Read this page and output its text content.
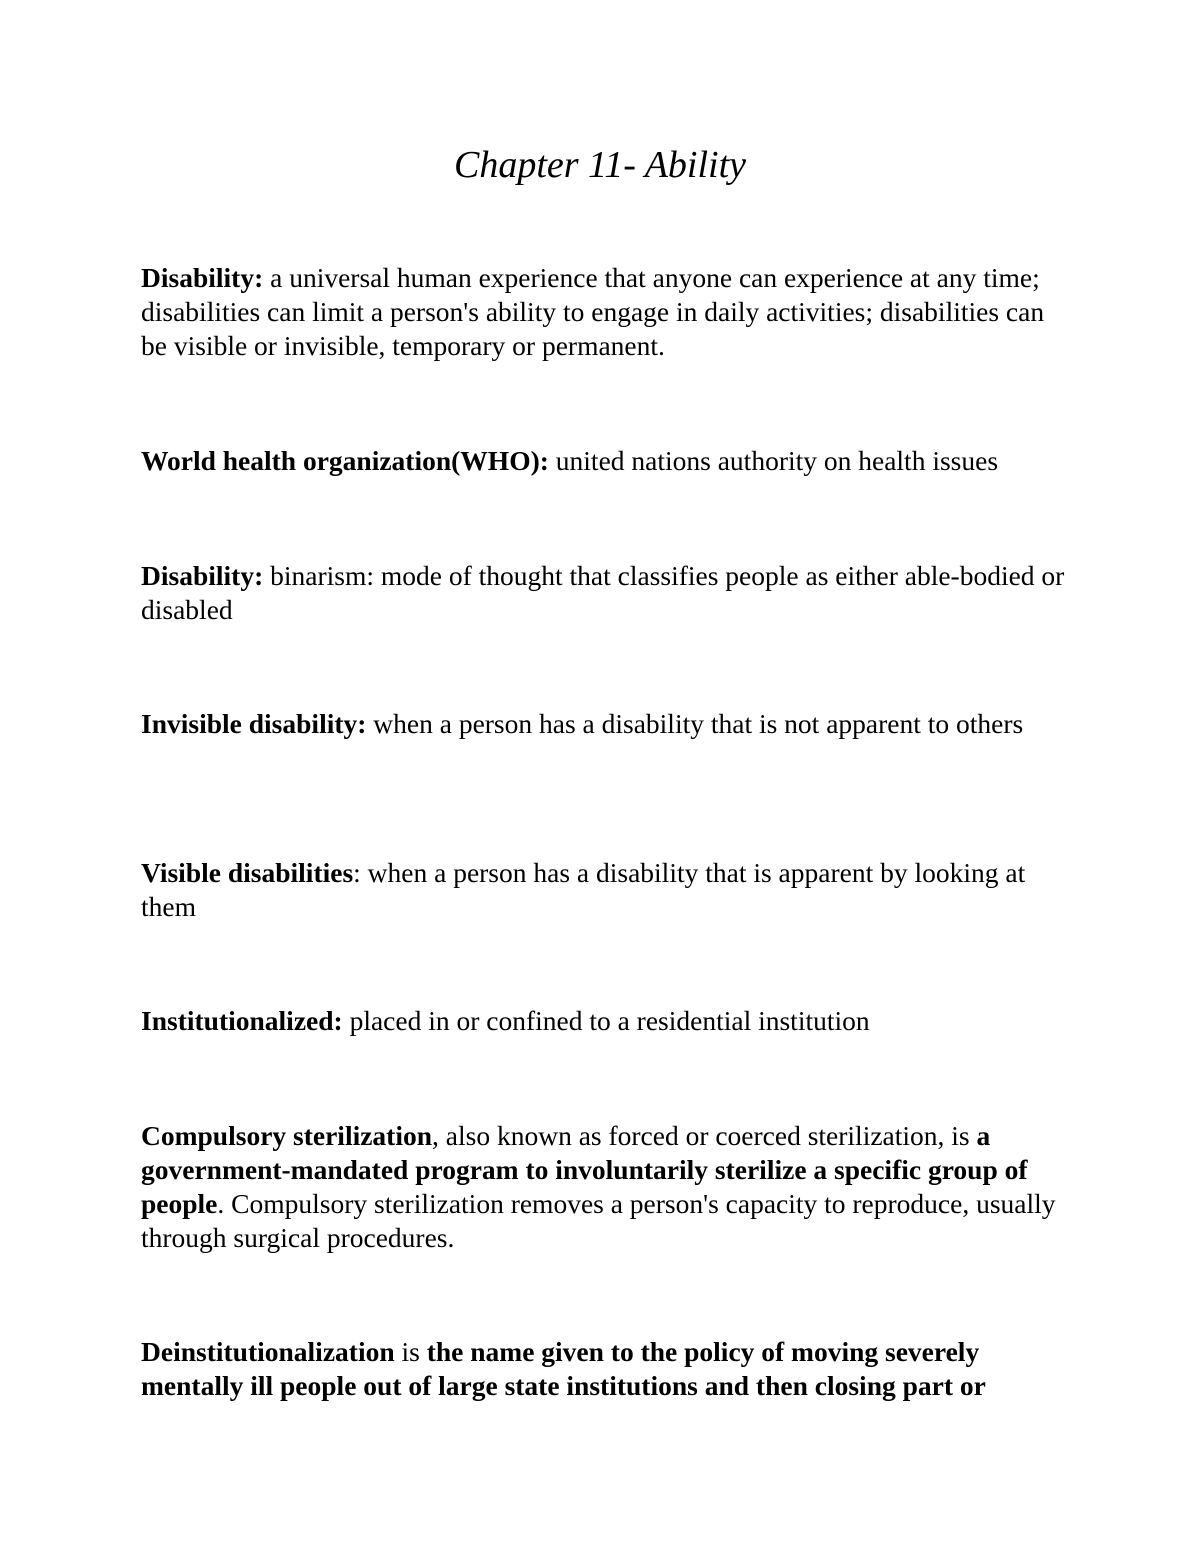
Chapter 11- Ability

Disability: a universal human experience that anyone can experience at any time; disabilities can limit a person's ability to engage in daily activities; disabilities can be visible or invisible, temporary or permanent.

World health organization(WHO): united nations authority on health issues

Disability: binarism: mode of thought that classifies people as either able-bodied or disabled

Invisible disability: when a person has a disability that is not apparent to others

Visible disabilities: when a person has a disability that is apparent by looking at them

Institutionalized: placed in or confined to a residential institution

Compulsory sterilization, also known as forced or coerced sterilization, is a government-mandated program to involuntarily sterilize a specific group of people. Compulsory sterilization removes a person's capacity to reproduce, usually through surgical procedures.

Deinstitutionalization is the name given to the policy of moving severely mentally ill people out of large state institutions and then closing part or
